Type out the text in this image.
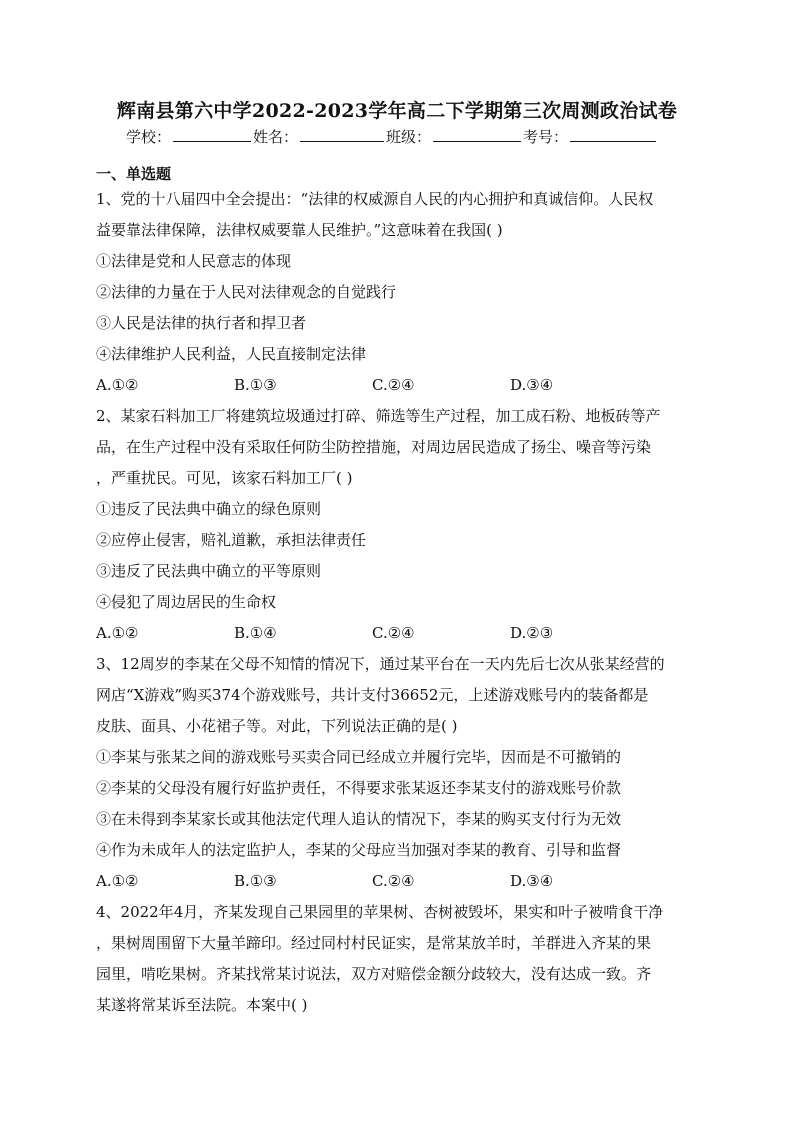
辉南县第六中学2022-2023学年高二下学期第三次周测政治试卷
学校：	姓名：	班级：	考号：
一、单选题
1、党的十八届四中全会提出：“法律的权威源自人民的内心拥护和真诚信仰。人民权
益要靠法律保障，法律权威要靠人民维护。”这意味着在我国( )
①法律是党和人民意志的体现
②法律的力量在于人民对法律观念的自觉践行
③人民是法律的执行者和捍卫者
④法律维护人民利益，人民直接制定法律
A.①②	B.①③	C.②④	D.③④
2、某家石料加工厂将建筑垃圾通过打碎、筛选等生产过程，加工成石粉、地板砖等产
品，在生产过程中没有采取任何防尘防控措施，对周边居民造成了扬尘、噪音等污染
，严重扰民。可见，该家石料加工厂( )
①违反了民法典中确立的绿色原则
②应停止侵害，赔礼道歉，承担法律责任
③违反了民法典中确立的平等原则
④侵犯了周边居民的生命权
A.①②	B.①④	C.②④	D.②③
3、12周岁的李某在父母不知情的情况下，通过某平台在一天内先后七次从张某经营的
网店“X游戏”购买374个游戏账号，共计支付36652元，上述游戏账号内的装备都是
皮肤、面具、小花裙子等。对此，下列说法正确的是( )
①李某与张某之间的游戏账号买卖合同已经成立并履行完毕，因而是不可撤销的
②李某的父母没有履行好监护责任，不得要求张某返还李某支付的游戏账号价款
③在未得到李某家长或其他法定代理人追认的情况下，李某的购买支付行为无效
④作为未成年人的法定监护人，李某的父母应当加强对李某的教育、引导和监督
A.①②	B.①③	C.②④	D.③④
4、2022年4月，齐某发现自己果园里的苹果树、杏树被毁坏，果实和叶子被啃食干净
，果树周围留下大量羊蹄印。经过同村村民证实，是常某放羊时，羊群进入齐某的果
园里，啃吃果树。齐某找常某讨说法，双方对赔偿金额分歧较大，没有达成一致。齐
某遂将常某诉至法院。本案中( )
